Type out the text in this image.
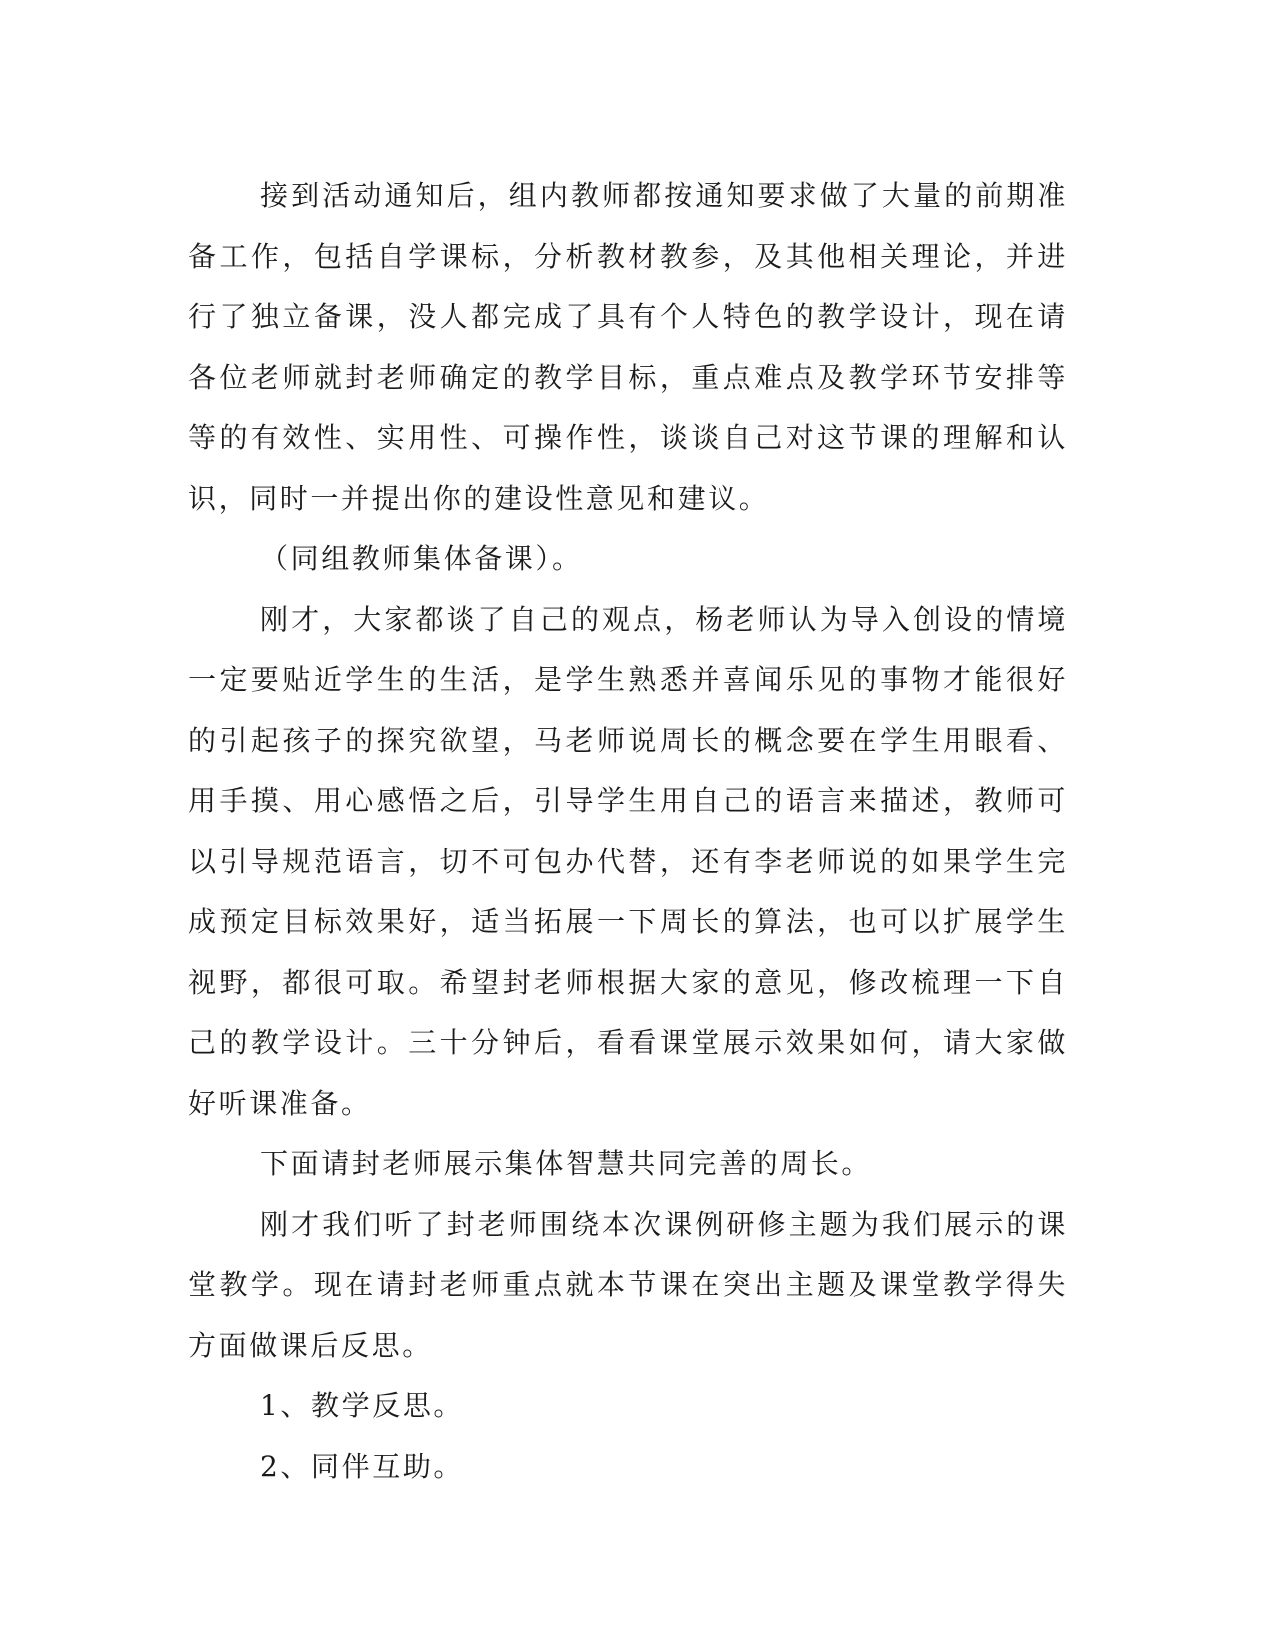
接到活动通知后，组内教师都按通知要求做了大量的前期准备工作，包括自学课标，分析教材教参，及其他相关理论，并进行了独立备课，没人都完成了具有个人特色的教学设计，现在请各位老师就封老师确定的教学目标，重点难点及教学环节安排等等的有效性、实用性、可操作性，谈谈自己对这节课的理解和认识，同时一并提出你的建设性意见和建议。

（同组教师集体备课）。

刚才，大家都谈了自己的观点，杨老师认为导入创设的情境一定要贴近学生的生活，是学生熟悉并喜闻乐见的事物才能很好的引起孩子的探究欲望，马老师说周长的概念要在学生用眼看、用手摸、用心感悟之后，引导学生用自己的语言来描述，教师可以引导规范语言，切不可包办代替，还有李老师说的如果学生完成预定目标效果好，适当拓展一下周长的算法，也可以扩展学生视野，都很可取。希望封老师根据大家的意见，修改梳理一下自己的教学设计。三十分钟后，看看课堂展示效果如何，请大家做好听课准备。

下面请封老师展示集体智慧共同完善的周长。

刚才我们听了封老师围绕本次课例研修主题为我们展示的课堂教学。现在请封老师重点就本节课在突出主题及课堂教学得失方面做课后反思。

1、教学反思。

2、同伴互助。
